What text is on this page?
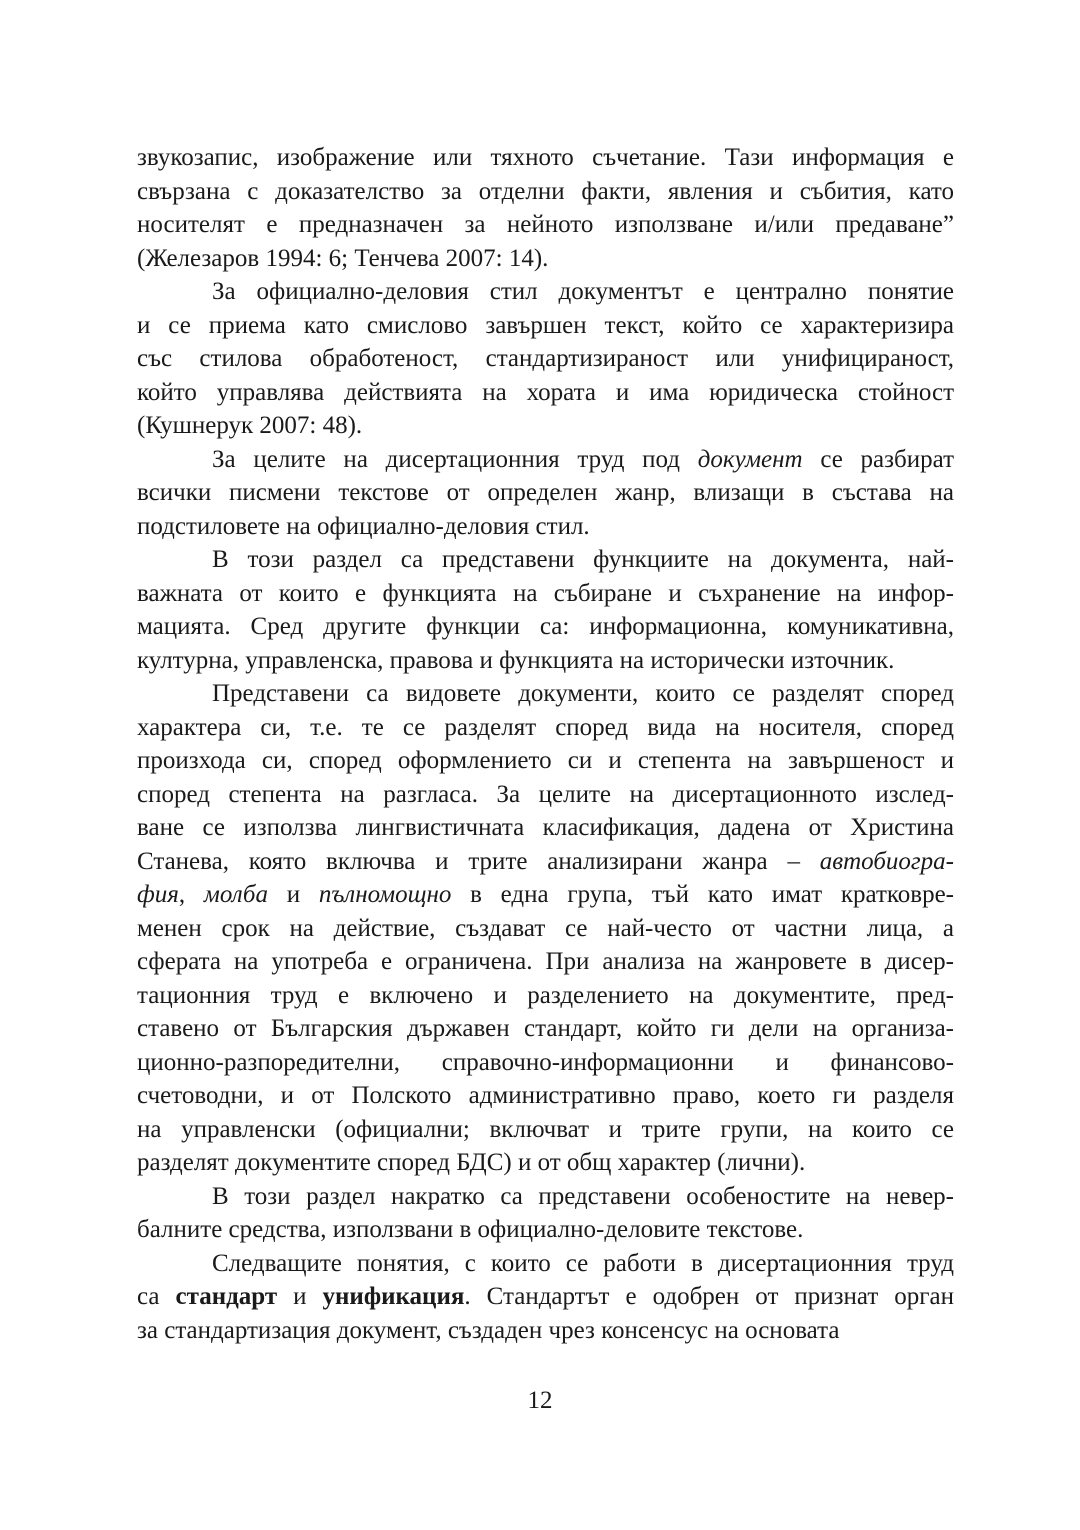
звукозапис, изображение или тяхното съчетание. Тази информация е
свързана с доказателство за отделни факти, явления и събития, като
носителят е предназначен за нейното използване и/или предаване”
(Железаров 1994: 6; Тенчева 2007: 14).
За официално-деловия стил документът е централно понятие
и се приема като смислово завършен текст, който се характеризира
със стилова обработеност, стандартизираност или унифицираност,
който управлява действията на хората и има юридическа стойност
(Кушнерук 2007: 48).
За целите на дисертационния труд под документ се разбират
всички писмени текстове от определен жанр, влизащи в състава на
подстиловете на официално-деловия стил.
В този раздел са представени функциите на документа, най-
важната от които е функцията на събиране и съхранение на инфор-
мацията. Сред другите функции са: информационна, комуникативна,
културна, управленска, правова и функцията на исторически източник.
Представени са видовете документи, които се разделят според
характера си, т.е. те се разделят според вида на носителя, според
произхода си, според оформлението си и степента на завършеност и
според степента на разгласа. За целите на дисертационното изслед-
ване се използва лингвистичната класификация, дадена от Христина
Станева, която включва и трите анализирани жанра – автобиогра-
фия, молба и пълномощно в една група, тъй като имат кратковре-
менен срок на действие, създават се най-често от частни лица, а
сферата на употреба е ограничена. При анализа на жанровете в дисер-
тационния труд е включено и разделението на документите, пред-
ставено от Българския държавен стандарт, който ги дели на организа-
ционно-разпоредителни, справочно-информационни и финансово-
счетоводни, и от Полското административно право, което ги разделя
на управленски (официални; включват и трите групи, на които се
разделят документите според БДС) и от общ характер (лични).
В този раздел накратко са представени особеностите на невер-
балните средства, използвани в официално-деловите текстове.
Следващите понятия, с които се работи в дисертационния труд
са стандарт и унификация. Стандартът е одобрен от признат орган
за стандартизация документ, създаден чрез консенсус на основата
12
